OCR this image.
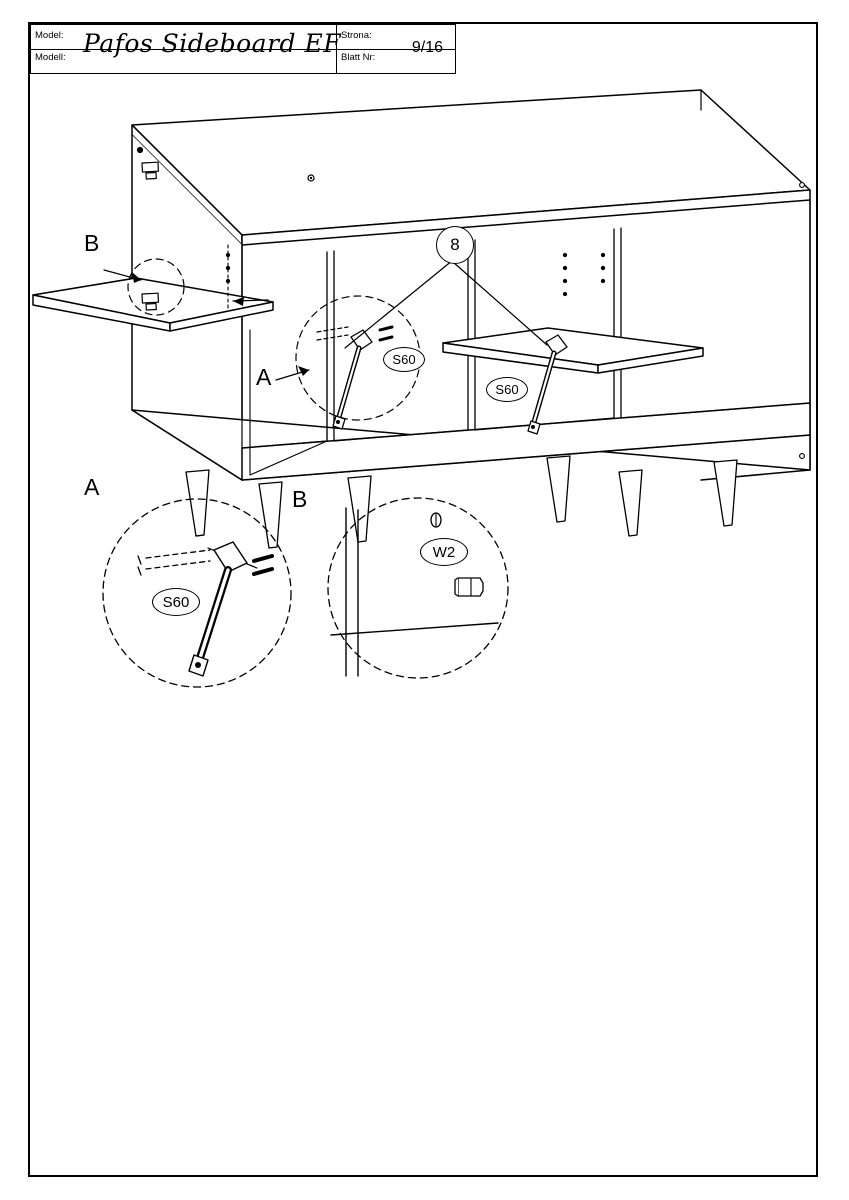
Model:
Modell: Pafos Sideboard EF Strona:
Blatt Nr:
9/16
B	8
A
S60
S60
A
S60
B
W2
